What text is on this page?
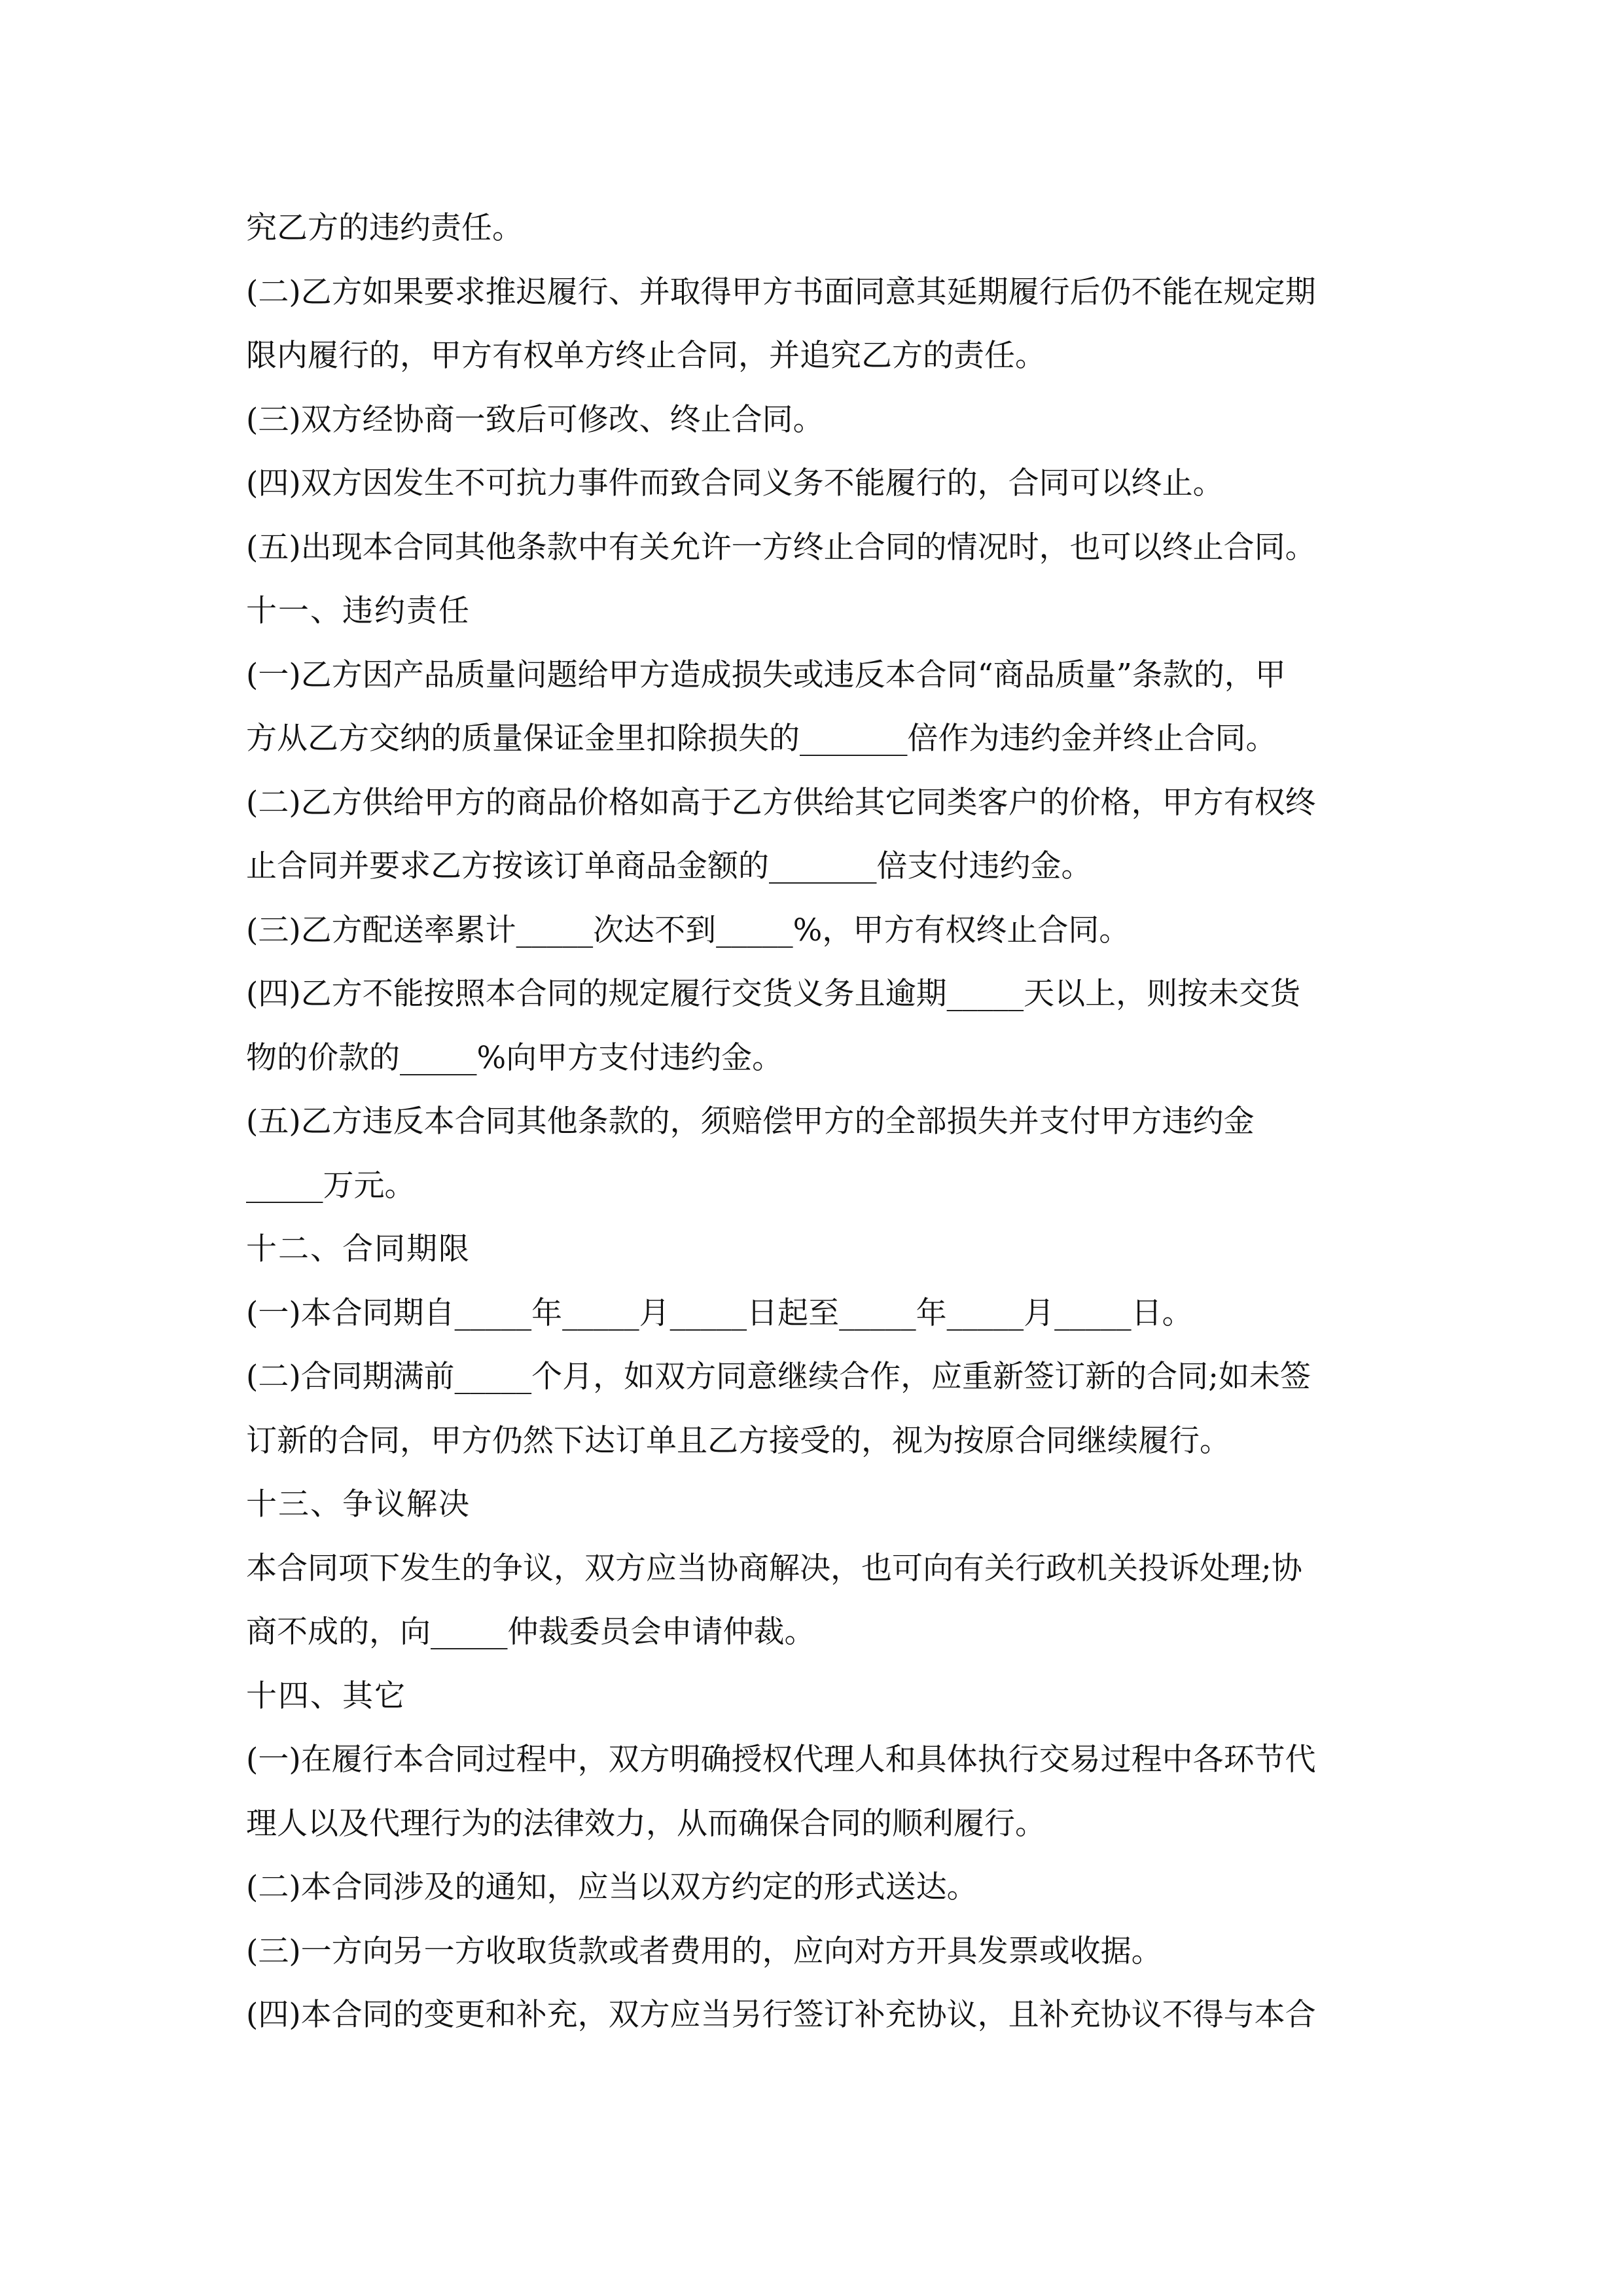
究乙方的违约责任。
(二)乙方如果要求推迟履行、并取得甲方书面同意其延期履行后仍不能在规定期
限内履行的，甲方有权单方终止合同，并追究乙方的责任。
(三)双方经协商一致后可修改、终止合同。
(四)双方因发生不可抗力事件而致合同义务不能履行的，合同可以终止。
(五)出现本合同其他条款中有关允许一方终止合同的情况时，也可以终止合同。
十一、违约责任
(一)乙方因产品质量问题给甲方造成损失或违反本合同“商品质量”条款的，甲
方从乙方交纳的质量保证金里扣除损失的_______倍作为违约金并终止合同。
(二)乙方供给甲方的商品价格如高于乙方供给其它同类客户的价格，甲方有权终
止合同并要求乙方按该订单商品金额的_______倍支付违约金。
(三)乙方配送率累计_____次达不到_____%，甲方有权终止合同。
(四)乙方不能按照本合同的规定履行交货义务且逾期_____天以上，则按未交货
物的价款的_____%向甲方支付违约金。
(五)乙方违反本合同其他条款的，须赔偿甲方的全部损失并支付甲方违约金
_____万元。
十二、合同期限
(一)本合同期自_____年_____月_____日起至_____年_____月_____日。
(二)合同期满前_____个月，如双方同意继续合作，应重新签订新的合同;如未签
订新的合同，甲方仍然下达订单且乙方接受的，视为按原合同继续履行。
十三、争议解决
本合同项下发生的争议，双方应当协商解决，也可向有关行政机关投诉处理;协
商不成的，向_____仲裁委员会申请仲裁。
十四、其它
(一)在履行本合同过程中，双方明确授权代理人和具体执行交易过程中各环节代
理人以及代理行为的法律效力，从而确保合同的顺利履行。
(二)本合同涉及的通知，应当以双方约定的形式送达。
(三)一方向另一方收取货款或者费用的，应向对方开具发票或收据。
(四)本合同的变更和补充，双方应当另行签订补充协议，且补充协议不得与本合
